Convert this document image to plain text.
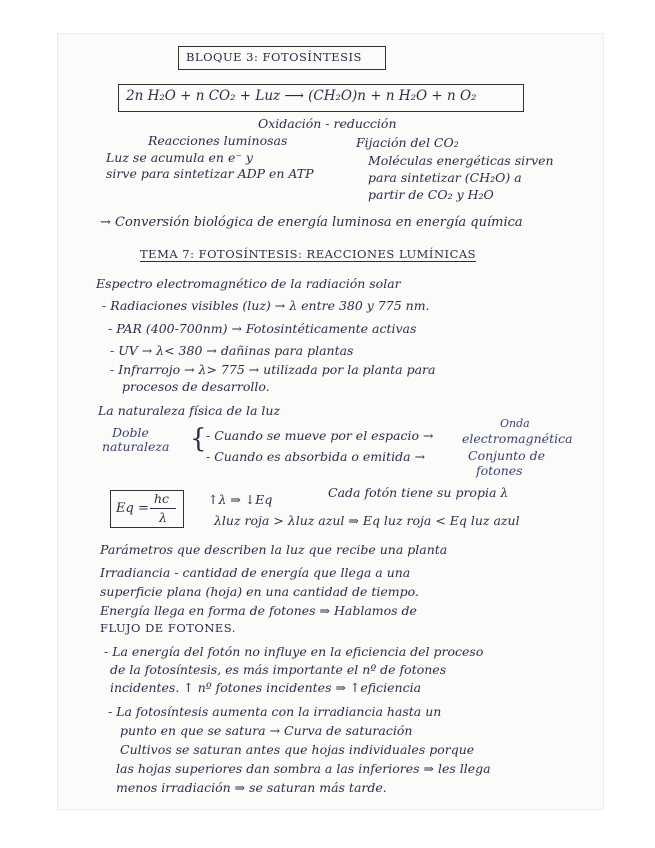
BLOQUE 3: FOTOSÍNTESIS
2n H₂O + n CO₂ + Luz ⟶ (CH₂O)n + n H₂O + n O₂
Oxidación - reducción
Reacciones luminosas
Luz se acumula en e⁻ y
sirve para sintetizar ADP en ATP
Fijación del CO₂
Moléculas energéticas sirven
para sintetizar (CH₂O) a
partir de CO₂ y H₂O
→ Conversión biológica de energía luminosa en energía química
TEMA 7: FOTOSÍNTESIS: REACCIONES LUMÍNICAS
Espectro electromagnético de la radiación solar
- Radiaciones visibles (luz) → λ entre 380 y 775 nm.
- PAR (400-700nm) → Fotosintéticamente activas
- UV → λ< 380 → dañinas para plantas
- Infrarrojo → λ> 775 → utilizada por la planta para
procesos de desarrollo.
La naturaleza física de la luz
Doble
naturaleza { - Cuando se mueve por el espacio →
Onda
electromagnética
- Cuando es absorbida o emitida →	Conjunto de
fotones
Eq =
hc
λ
↑λ ⇒ ↓Eq	Cada fotón tiene su propia λ
λluz roja > λluz azul ⇒ Eq luz roja < Eq luz azul
Parámetros que describen la luz que recibe una planta
Irradiancia - cantidad de energía que llega a una
superficie plana (hoja) en una cantidad de tiempo.
Energía llega en forma de fotones ⇒ Hablamos de
FLUJO DE FOTONES.
- La energía del fotón no influye en la eficiencia del proceso
de la fotosíntesis, es más importante el nº de fotones
incidentes. ↑ nº fotones incidentes ⇒ ↑eficiencia
- La fotosíntesis aumenta con la irradiancia hasta un
punto en que se satura → Curva de saturación
Cultivos se saturan antes que hojas individuales porque
las hojas superiores dan sombra a las inferiores ⇒ les llega
menos irradiación ⇒ se saturan más tarde.
